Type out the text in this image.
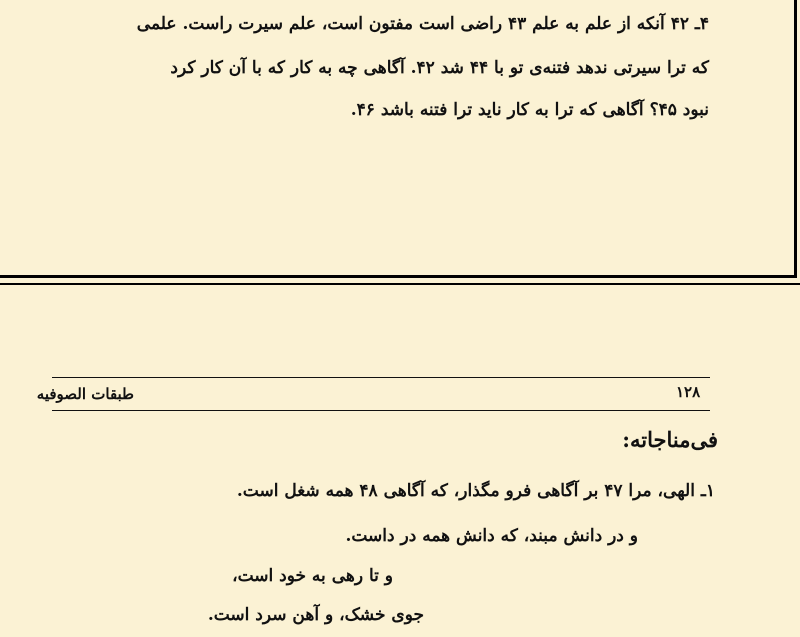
۴ـ ۴۲ آنکه از علم به علم ۴۳ راضی است مفتون است، علم سیرت راست. علمی
که ترا سیرتی ندهد فتنه‌ی تو با ۴۴ شد ۴۲. آگاهی چه به کار که با آن کار کرد
نبود ۴۵؟ آگاهی که ترا به کار ناید ترا فتنه باشد ۴۶.
۱۲۸
طبقات الصوفیه
فی‌مناجاته:
۱ـ الهی، مرا ۴۷ بر آگاهی فرو مگذار، که آگاهی ۴۸ همه شغل است.
و در دانش مبند، که دانش همه در داست.
و تا رهی به خود است،
جوی خشک، و آهن سرد است.
